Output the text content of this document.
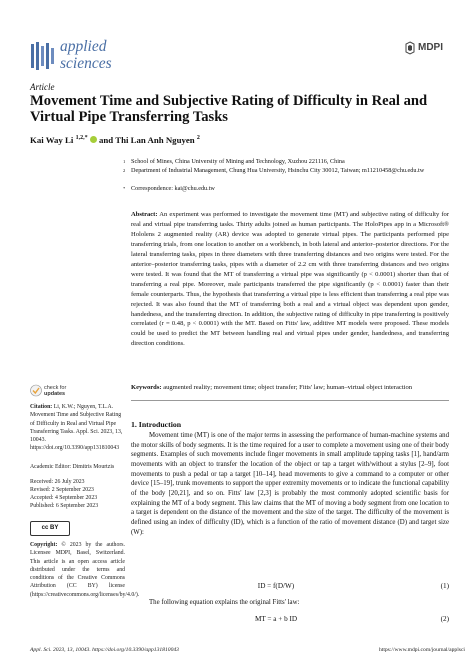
applied
sciences
MDPI
Article
Movement Time and Subjective Rating of Difficulty in Real and Virtual Pipe Transferring Tasks
Kai Way Li $^{1,2,*}$  and Thi Lan Anh Nguyen $^2$
1 School of Mines, China University of Mining and Technology, Xuzhou 221116, China
2 Department of Industrial Management, Chung Hua University, Hsinchu City 30012, Taiwan; m11210458@chu.edu.tw
* Correspondence: kai@chu.edu.tw
Abstract: An experiment was performed to investigate the movement time (MT) and subjective rating of difficulty for real and virtual pipe transferring tasks. Thirty adults joined as human participants. The HoloPipes app in a Microsoft® Hololens 2 augmented reality (AR) device was adopted to generate virtual pipes. The participants performed pipe transferring trials, from one location to another on a workbench, in both lateral and anterior–posterior directions. For the lateral transferring tasks, pipes in three diameters with three transferring distances and two origins were tested. For the anterior–posterior transferring tasks, pipes with a diameter of 2.2 cm with three transferring distances and two origins were tested. It was found that the MT of transferring a virtual pipe was significantly (p < 0.0001) shorter than that of transferring a real pipe. Moreover, male participants transferred the pipe significantly (p < 0.0001) faster than their female counterparts. Thus, the hypothesis that transferring a virtual pipe is less efficient than transferring a real pipe was rejected. It was also found that the MT of transferring both a real and a virtual object was dependent upon gender, handedness, and the transferring direction. In addition, the subjective rating of difficulty in pipe transferring is positively correlated (r = 0.48, p < 0.0001) with the MT. Based on Fitts' law, additive MT models were proposed. These models could be used to predict the MT between handling real and virtual pipes under gender, handedness, and transferring direction conditions.
Keywords: augmented reality; movement time; object transfer; Fitts' law; human–virtual object interaction
check for
updates
Citation: Li, K.W.; Nguyen, T.L.A. Movement Time and Subjective Rating of Difficulty in Real and Virtual Pipe Transferring Tasks. Appl. Sci. 2023, 13, 10043. https://doi.org/10.3390/app131810043
Academic Editor: Dimitris Mourtzis
Received: 26 July 2023
Revised: 2 September 2023
Accepted: 4 September 2023
Published: 6 September 2023
cc BY
Copyright: © 2023 by the authors. Licensee MDPI, Basel, Switzerland. This article is an open access article distributed under the terms and conditions of the Creative Commons Attribution (CC BY) license (https://creativecommons.org/licenses/by/4.0/).
1. Introduction
Movement time (MT) is one of the major terms in assessing the performance of human-machine systems and the motor skills of body segments. It is the time required for a user to complete a movement using one of their body segments. Examples of such movements include finger movements in small amplitude tapping tasks [1], hand/arm movements with an object to transfer the location of the object or tap a target with/without a stylus [2–9], foot movements to push a pedal or tap a target [10–14], head movements to give a command to a computer or other device [15–19], trunk movements to support the upper extremity movements or to indicate the functional capability of the body [20,21], and so on. Fitts' law [2,3] is probably the most commonly adopted scientific basis for explaining the MT of a body segment. This law claims that the MT of moving a body segment from one location to a target is dependent on the distance of the movement and the size of the target. The difficulty of the movement is defined using an index of difficulty (ID), which is a function of the ratio of movement distance (D) and target size (W):
ID = f(D/W)	(1)
The following equation explains the original Fitts' law:
MT = a + b ID	(2)
Appl. Sci. 2023, 13, 10043. https://doi.org/10.3390/app131810043	https://www.mdpi.com/journal/applsci
